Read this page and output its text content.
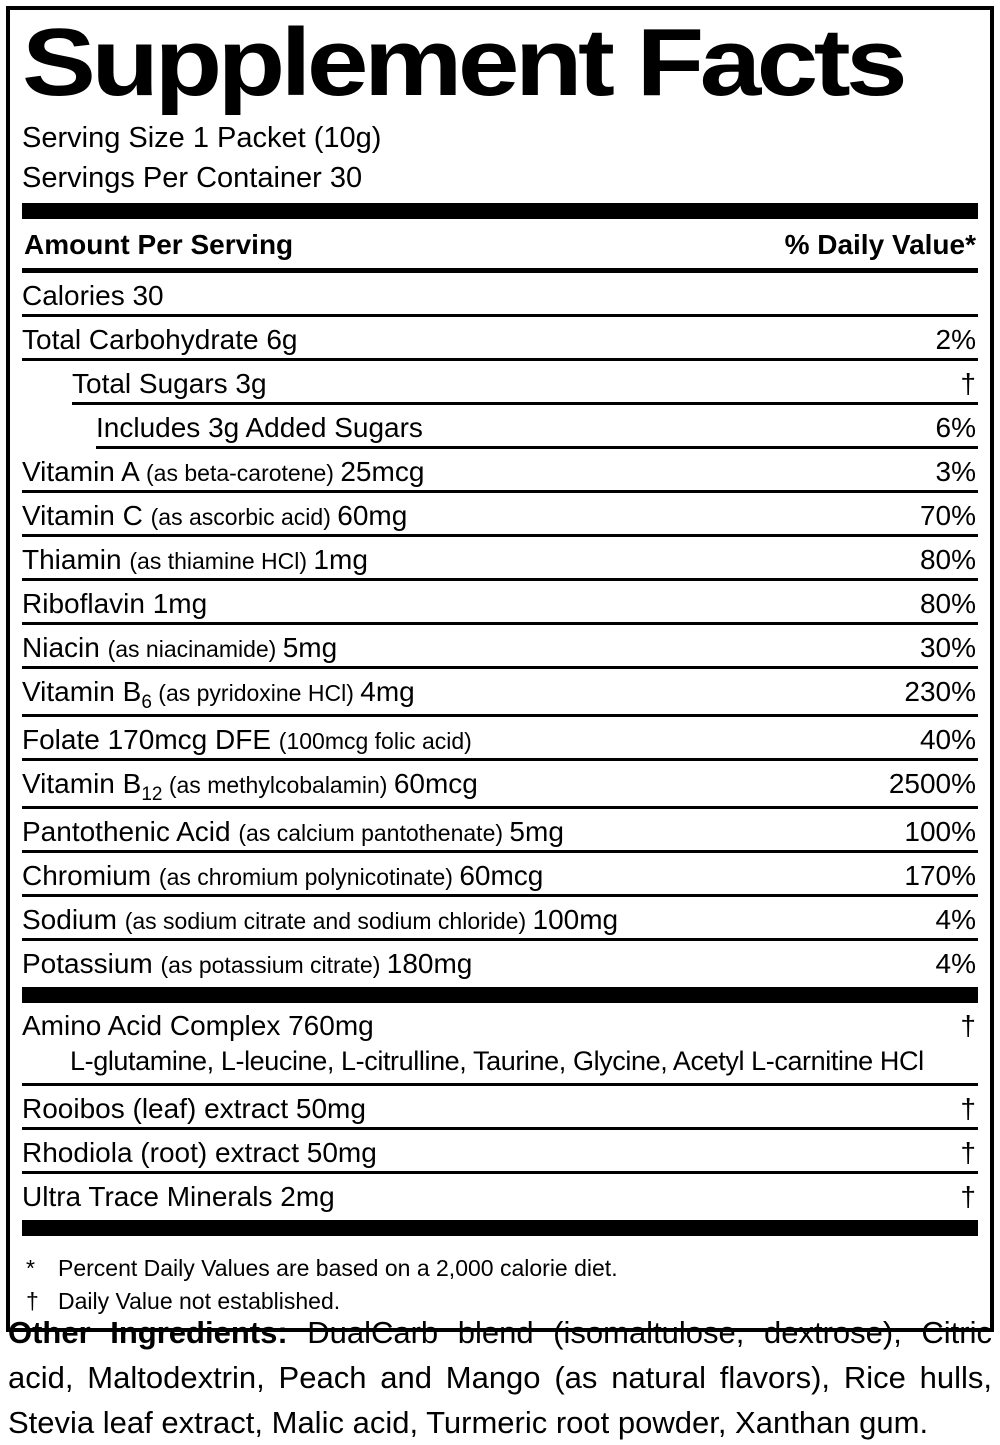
Supplement Facts
Serving Size 1 Packet (10g)
Servings Per Container 30
Amount Per Serving	% Daily Value*
Calories 30
Total Carbohydrate 6g	2%
Total Sugars 3g	†
Includes 3g Added Sugars	6%
Vitamin A (as beta-carotene) 25mcg	3%
Vitamin C (as ascorbic acid) 60mg	70%
Thiamin (as thiamine HCl) 1mg	80%
Riboflavin 1mg	80%
Niacin (as niacinamide) 5mg	30%
Vitamin B6 (as pyridoxine HCl) 4mg	230%
Folate 170mcg DFE (100mcg folic acid)	40%
Vitamin B12 (as methylcobalamin) 60mcg	2500%
Pantothenic Acid (as calcium pantothenate) 5mg	100%
Chromium (as chromium polynicotinate) 60mcg	170%
Sodium (as sodium citrate and sodium chloride) 100mg	4%
Potassium (as potassium citrate) 180mg	4%
Amino Acid Complex 760mg	†
L-glutamine, L-leucine, L-citrulline, Taurine, Glycine, Acetyl L-carnitine HCl
Rooibos (leaf) extract 50mg	†
Rhodiola (root) extract 50mg	†
Ultra Trace Minerals 2mg	†
*	Percent Daily Values are based on a 2,000 calorie diet.
† Daily Value not established.

Other Ingredients: DualCarb blend (isomaltulose, dextrose), Citric acid, Maltodextrin, Peach and Mango (as natural flavors), Rice hulls, Stevia leaf extract, Malic acid, Turmeric root powder, Xanthan gum.
